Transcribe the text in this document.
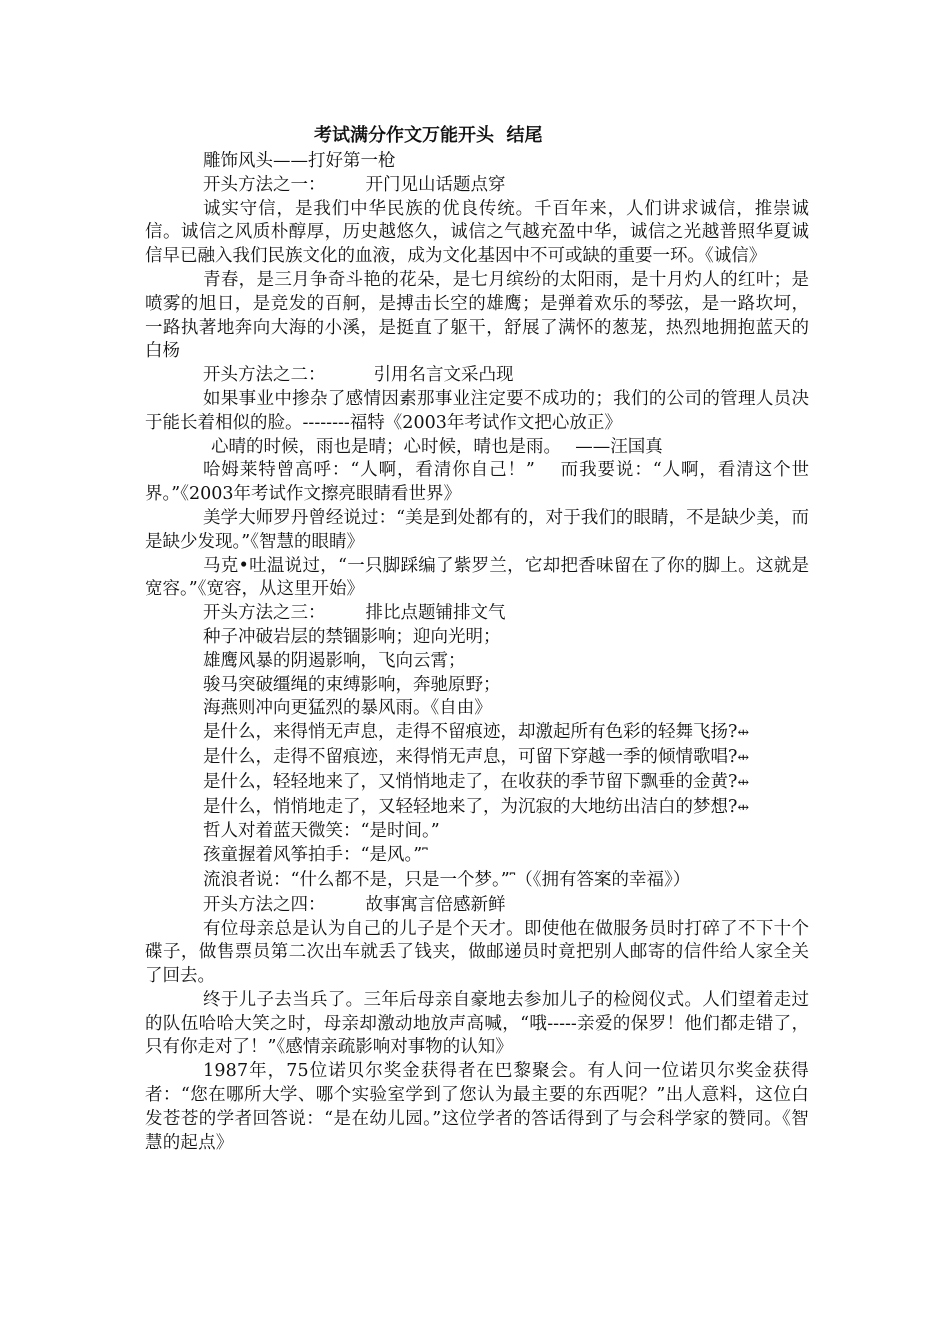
考试满分作文万能开头  结尾

雕饰风头——打好第一枪

开头方法之一： 开门见山话题点穿

诚实守信，是我们中华民族的优良传统。千百年来，人们讲求诚信，推崇诚信。诚信之风质朴醇厚，历史越悠久，诚信之气越充盈中华，诚信之光越普照华夏诚信早已融入我们民族文化的血液，成为文化基因中不可或缺的重要一环。《诚信》

青春，是三月争奇斗艳的花朵，是七月缤纷的太阳雨，是十月灼人的红叶；是喷雾的旭日，是竞发的百舸，是搏击长空的雄鹰；是弹着欢乐的琴弦，是一路坎坷，一路执著地奔向大海的小溪，是挺直了躯干，舒展了满怀的葱茏，热烈地拥抱蓝天的白杨

开头方法之二：	引用名言文采凸现

如果事业中掺杂了感情因素那事业注定要不成功的；我们的公司的管理人员决于能长着相似的脸。--------福特《2003年考试作文把心放正》

心晴的时候，雨也是晴；心时候，晴也是雨。　 ——汪国真

哈姆莱特曾高呼：“人啊，看清你自己！”　 而我要说：“人啊，看清这个世界。”《2003年考试作文擦亮眼睛看世界》

美学大师罗丹曾经说过：“美是到处都有的，对于我们的眼睛，不是缺少美，而是缺少发现。”《智慧的眼睛》

马克•吐温说过，“一只脚踩编了紫罗兰，它却把香味留在了你的脚上。这就是宽容。”《宽容，从这里开始》

开头方法之三： 排比点题铺排文气

种子冲破岩层的禁锢影响；迎向光明；

雄鹰风暴的阴遏影响，飞向云霄；

骏马突破缰绳的束缚影响，奔驰原野；

海燕则冲向更猛烈的暴风雨。《自由》

是什么，来得悄无声息，走得不留痕迹，却激起所有色彩的轻舞飞扬?⇹

是什么，走得不留痕迹，来得悄无声息，可留下穿越一季的倾情歌唱?⇹

是什么，轻轻地来了，又悄悄地走了，在收获的季节留下飘垂的金黄?⇹

是什么，悄悄地走了，又轻轻地来了，为沉寂的大地纺出洁白的梦想?⇹

哲人对着蓝天微笑：“是时间。”

孩童握着风筝拍手：“是风。”⎴

流浪者说：“什么都不是，只是一个梦。”⎴（《拥有答案的幸福》）

开头方法之四： 故事寓言倍感新鲜

有位母亲总是认为自己的儿子是个天才。即使他在做服务员时打碎了不下十个碟子，做售票员第二次出车就丢了钱夹，做邮递员时竟把别人邮寄的信件给人家全关了回去。

终于儿子去当兵了。三年后母亲自豪地去参加儿子的检阅仪式。人们望着走过的队伍哈哈大笑之时，母亲却激动地放声高喊，“哦-----亲爱的保罗！他们都走错了，只有你走对了！”《感情亲疏影响对事物的认知》

1987年，75位诺贝尔奖金获得者在巴黎聚会。有人问一位诺贝尔奖金获得者：“您在哪所大学、哪个实验室学到了您认为最主要的东西呢？”出人意料，这位白发苍苍的学者回答说：“是在幼儿园。”这位学者的答话得到了与会科学家的赞同。《智慧的起点》
